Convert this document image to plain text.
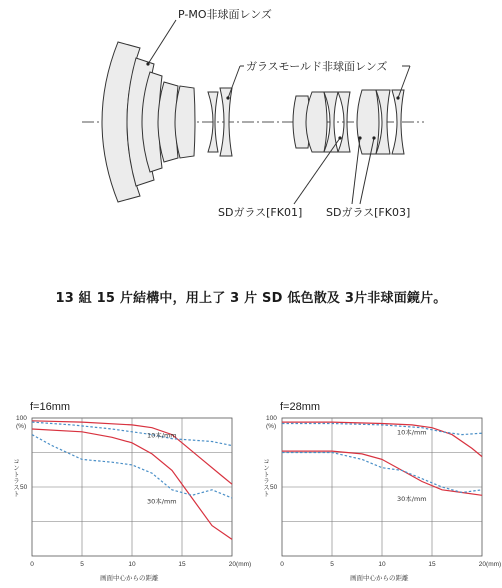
P-MO非球面レンズ
ガラスモールド非球面レンズ
SDガラス[FK01] SDガラス[FK03]
13 組 15 片結構中，用上了 3 片 SD 低色散及 3片非球面鏡片。
f=16mm
0	5	10	15	20(mm)
100
(%)
50
コントラスト
画面中心からの距離
10本/mm
30本/mm
f=28mm
0	5	10	15	20(mm)
100
(%)
50
コントラスト
画面中心からの距離
10本/mm
30本/mm
